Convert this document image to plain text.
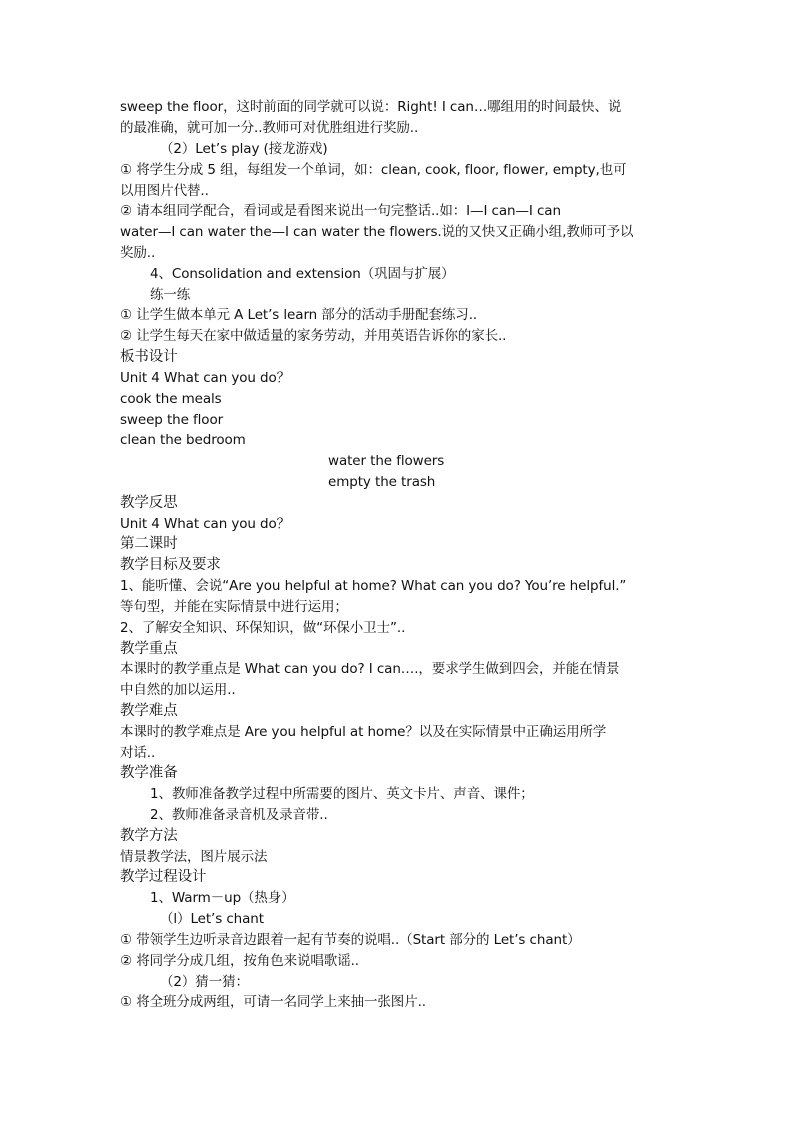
sweep the floor，这时前面的同学就可以说：Right! I can…哪组用的时间最快、说
的最准确，就可加一分..教师可对优胜组进行奖励..
（2）Let’s play (接龙游戏)
① 将学生分成 5 组，每组发一个单词，如：clean, cook, floor, flower, empty,也可
以用图片代替..
② 请本组同学配合，看词或是看图来说出一句完整话..如：I—I can—I can
water—I can water the—I can water the flowers.说的又快又正确小组,教师可予以
奖励..
4、Consolidation and extension（巩固与扩展）
练一练
① 让学生做本单元 A Let’s learn 部分的活动手册配套练习..
② 让学生每天在家中做适量的家务劳动，并用英语告诉你的家长..
板书设计
Unit 4 What can you do？
cook the meals
sweep the floor
clean the bedroom
water the flowers
empty the trash
教学反思
Unit 4 What can you do？
第二课时
教学目标及要求
1、能听懂、会说“Are you helpful at home? What can you do? You’re helpful.”
等句型，并能在实际情景中进行运用；
2、了解安全知识、环保知识，做“环保小卫士”..
教学重点
本课时的教学重点是 What can you do? I can….，要求学生做到四会，并能在情景
中自然的加以运用..
教学难点
本课时的教学难点是 Are you helpful at home？以及在实际情景中正确运用所学
对话..
教学准备
1、教师准备教学过程中所需要的图片、英文卡片、声音、课件；
2、教师准备录音机及录音带..
教学方法
情景教学法，图片展示法
教学过程设计
1、Warm－up（热身）
（l）Let’s chant
① 带领学生边听录音边跟着一起有节奏的说唱..（Start 部分的 Let’s chant）
② 将同学分成几组，按角色来说唱歌谣..
（2）猜一猜：
① 将全班分成两组，可请一名同学上来抽一张图片..
